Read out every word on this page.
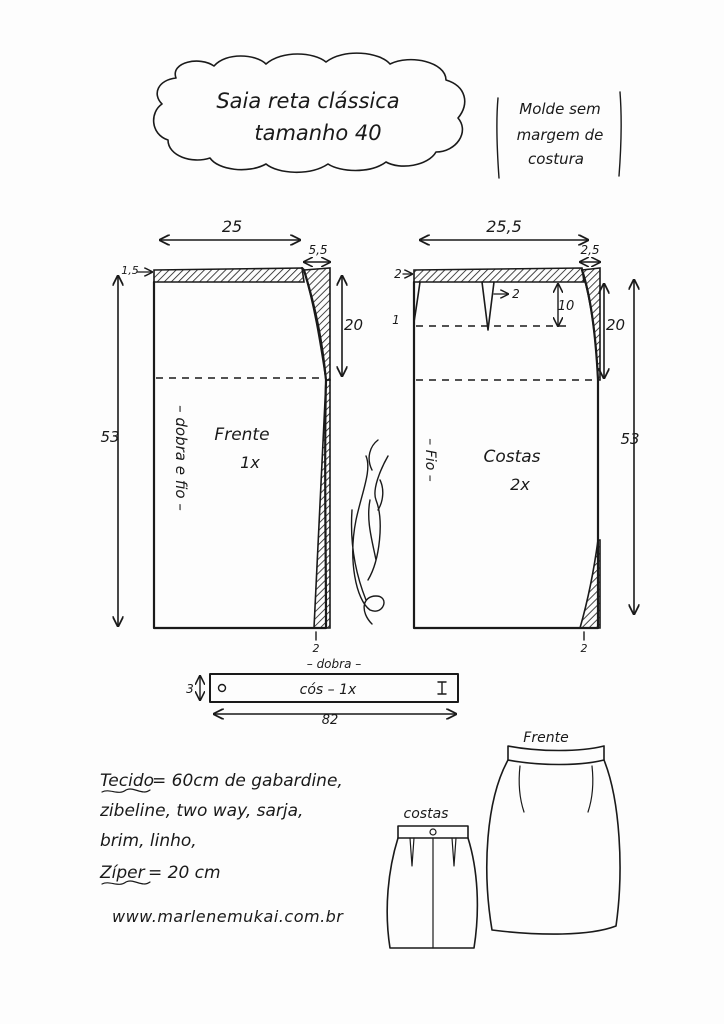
Saia reta clássica
tamanho 40
Molde sem
margem de
costura
25
5,5
1,5
20
53
2
– dobra e fio – Frente
1x
25,5
2,5
2
2
10
1	20
53
2
– Fio –	Costas
2x
– dobra –
cós – 1x
3
82
Tecido
= 60cm de gabardine,
zibeline, two way, sarja,
brim, linho,
Zíper = 20 cm
www.marlenemukai.com.br
costas
Frente
